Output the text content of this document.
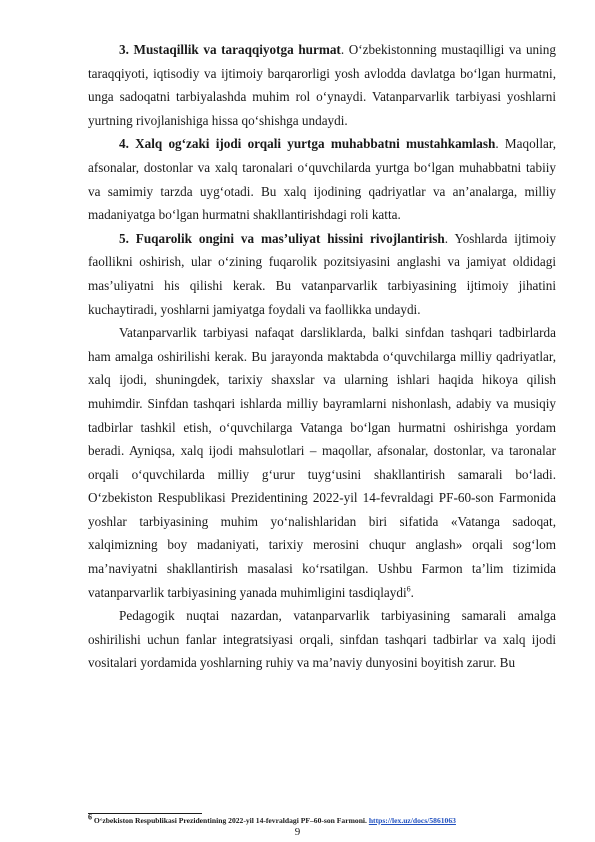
3. Mustaqillik va taraqqiyotga hurmat. O‘zbekistonning mustaqilligi va uning taraqqiyoti, iqtisodiy va ijtimoiy barqarorligi yosh avlodda davlatga bo‘lgan hurmatni, unga sadoqatni tarbiyalashda muhim rol o‘ynaydi. Vatanparvarlik tarbiyasi yoshlarni yurtning rivojlanishiga hissa qo‘shishga undaydi.

4. Xalq og‘zaki ijodi orqali yurtga muhabbatni mustahkamlash. Maqollar, afsonalar, dostonlar va xalq taronalari o‘quvchilarda yurtga bo‘lgan muhabbatni tabiiy va samimiy tarzda uyg‘otadi. Bu xalq ijodining qadriyatlar va an’analarga, milliy madaniyatga bo‘lgan hurmatni shakllantirishdagi roli katta.

5. Fuqarolik ongini va mas’uliyat hissini rivojlantirish. Yoshlarda ijtimoiy faollikni oshirish, ular o‘zining fuqarolik pozitsiyasini anglashi va jamiyat oldidagi mas’uliyatni his qilishi kerak. Bu vatanparvarlik tarbiyasining ijtimoiy jihatini kuchaytiradi, yoshlarni jamiyatga foydali va faollikka undaydi.

Vatanparvarlik tarbiyasi nafaqat darsliklarda, balki sinfdan tashqari tadbirlarda ham amalga oshirilishi kerak. Bu jarayonda maktabda o‘quvchilarga milliy qadriyatlar, xalq ijodi, shuningdek, tarixiy shaxslar va ularning ishlari haqida hikoya qilish muhimdir. Sinfdan tashqari ishlarda milliy bayramlarni nishonlash, adabiy va musiqiy tadbirlar tashkil etish, o‘quvchilarga Vatanga bo‘lgan hurmatni oshirishga yordam beradi. Ayniqsa, xalq ijodi mahsulotlari – maqollar, afsonalar, dostonlar, va taronalar orqali o‘quvchilarda milliy g‘urur tuyg‘usini shakllantirish samarali bo‘ladi. O‘zbekiston Respublikasi Prezidentining 2022-yil 14-fevraldagi PF-60-son Farmonida yoshlar tarbiyasining muhim yo‘nalishlaridan biri sifatida «Vatanga sadoqat, xalqimizning boy madaniyati, tarixiy merosini chuqur anglash» orqali sog‘lom ma’naviyatni shakllantirish masalasi ko‘rsatilgan. Ushbu Farmon ta’lim tizimida vatanparvarlik tarbiyasining yanada muhimligini tasdiqlaydi$^6$.

Pedagogik nuqtai nazardan, vatanparvarlik tarbiyasining samarali amalga oshirilishi uchun fanlar integratsiyasi orqali, sinfdan tashqari tadbirlar va xalq ijodi vositalari yordamida yoshlarning ruhiy va ma’naviy dunyosini boyitish zarur. Bu

$^6$ O‘zbekiston Respublikasi Prezidentining 2022-yil 14-fevraldagi PF–60-son Farmoni. https://lex.uz/docs/5861063
9
